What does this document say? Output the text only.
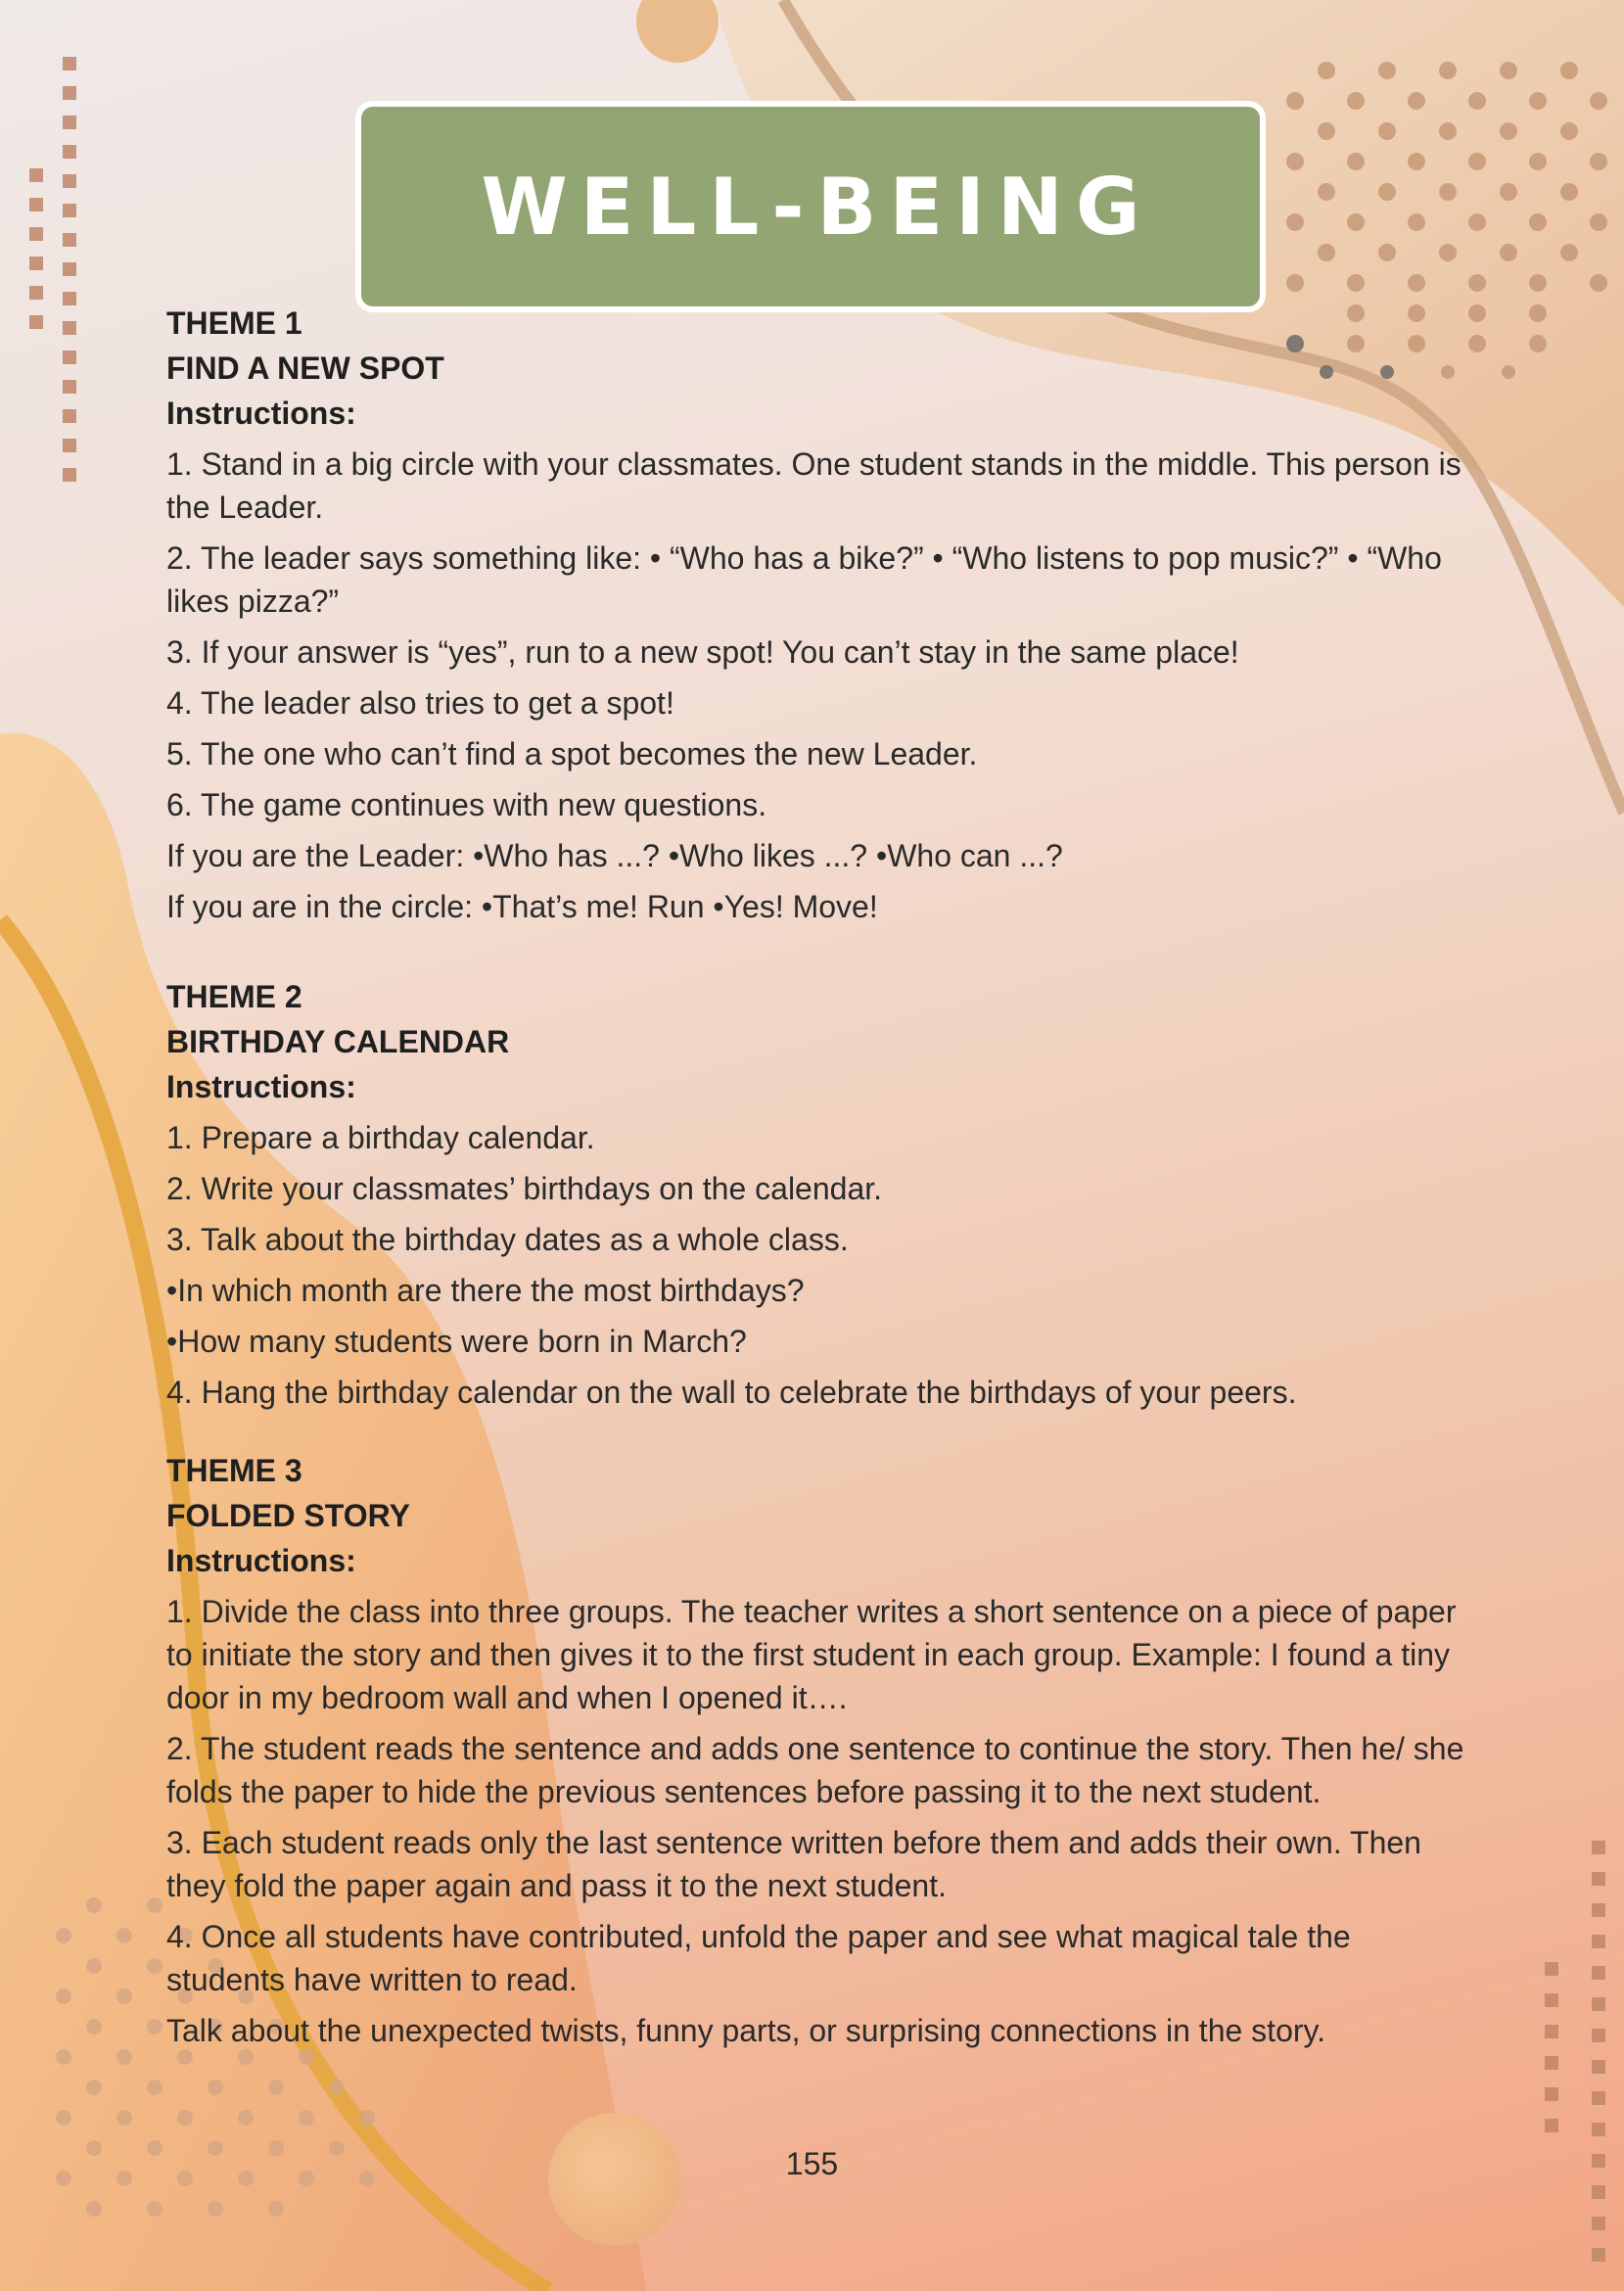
WELL-BEING
THEME 1
FIND A NEW SPOT
Instructions:
1. Stand in a big circle with your classmates. One student stands in the middle. This person is the Leader.
2. The leader says something like: • “Who has a bike?” • “Who listens to pop music?” • “Who likes pizza?”
3. If your answer is “yes”, run to a new spot! You can’t stay in the same place!
4. The leader also tries to get a spot!
5. The one who can’t find a spot becomes the new Leader.
6. The game continues with new questions.
If you are the Leader: •Who has ...? •Who likes ...? •Who can ...?
If you are in the circle: •That’s me! Run •Yes! Move!
THEME 2
BIRTHDAY CALENDAR
Instructions:
1. Prepare a birthday calendar.
2. Write your classmates’ birthdays on the calendar.
3. Talk about the birthday dates as a whole class.
•In which month are there the most birthdays?
•How many students were born in March?
4. Hang the birthday calendar on the wall to celebrate the birthdays of your peers.
THEME 3
FOLDED STORY
Instructions:
1. Divide the class into three groups. The teacher writes a short sentence on a piece of paper to initiate the story and then gives it to the first student in each group. Example: I found a tiny door in my bedroom wall and when I opened it….
2. The student reads the sentence and adds one sentence to continue the story. Then he/ she folds the paper to hide the previous sentences before passing it to the next student.
3. Each student reads only the last sentence written before them and adds their own. Then they fold the paper again and pass it to the next student.
4. Once all students have contributed, unfold the paper and see what magical tale the students have written to read.
Talk about the unexpected twists, funny parts, or surprising connections in the story.
155
